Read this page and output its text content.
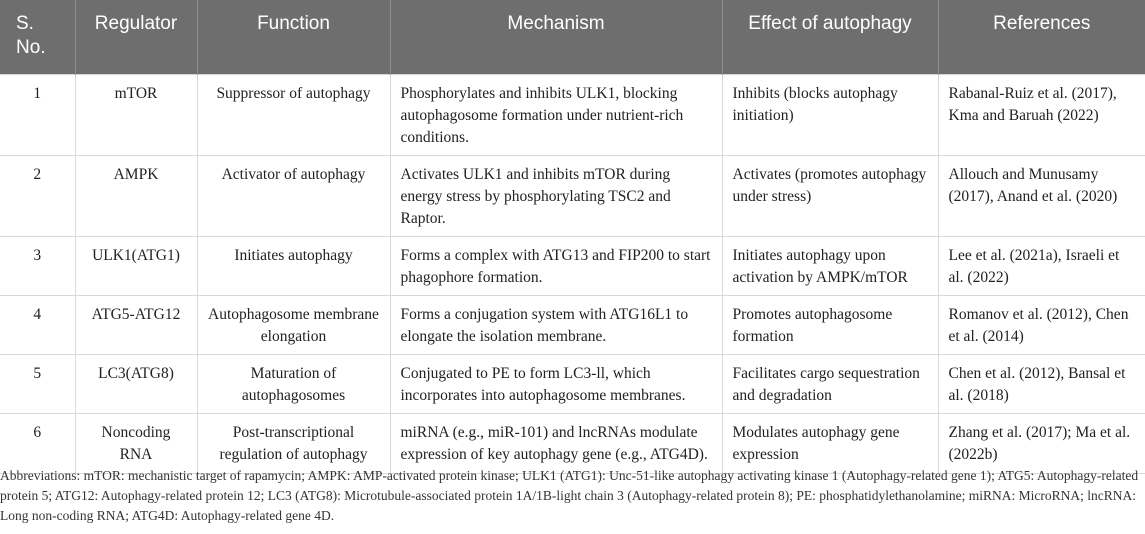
S. No.	Regulator	Function	Mechanism	Effect of autophagy	References
1	mTOR	Suppressor of autophagy	Phosphorylates and inhibits ULK1, blocking autophagosome formation under nutrient-rich conditions.	Inhibits (blocks autophagy initiation)	Rabanal-Ruiz et al. (2017), Kma and Baruah (2022)
2	AMPK	Activator of autophagy	Activates ULK1 and inhibits mTOR during energy stress by phosphorylating TSC2 and Raptor.	Activates (promotes autophagy under stress)	Allouch and Munusamy (2017), Anand et al. (2020)
3	ULK1(ATG1)	Initiates autophagy	Forms a complex with ATG13 and FIP200 to start phagophore formation.	Initiates autophagy upon activation by AMPK/mTOR	Lee et al. (2021a), Israeli et al. (2022)
4	ATG5-ATG12	Autophagosome membrane elongation	Forms a conjugation system with ATG16L1 to elongate the isolation membrane.	Promotes autophagosome formation	Romanov et al. (2012), Chen et al. (2014)
5	LC3(ATG8)	Maturation of autophagosomes	Conjugated to PE to form LC3-ll, which incorporates into autophagosome membranes.	Facilitates cargo sequestration and degradation	Chen et al. (2012), Bansal et al. (2018)
6	Noncoding RNA	Post-transcriptional regulation of autophagy	miRNA (e.g., miR-101) and lncRNAs modulate expression of key autophagy gene (e.g., ATG4D).	Modulates autophagy gene expression	Zhang et al. (2017); Ma et al. (2022b)
Abbreviations: mTOR: mechanistic target of rapamycin; AMPK: AMP-activated protein kinase; ULK1 (ATG1): Unc-51-like autophagy activating kinase 1 (Autophagy-related gene 1); ATG5: Autophagy-related protein 5; ATG12: Autophagy-related protein 12; LC3 (ATG8): Microtubule-associated protein 1A/1B-light chain 3 (Autophagy-related protein 8); PE: phosphatidylethanolamine; miRNA: MicroRNA; lncRNA: Long non-coding RNA; ATG4D: Autophagy-related gene 4D.
